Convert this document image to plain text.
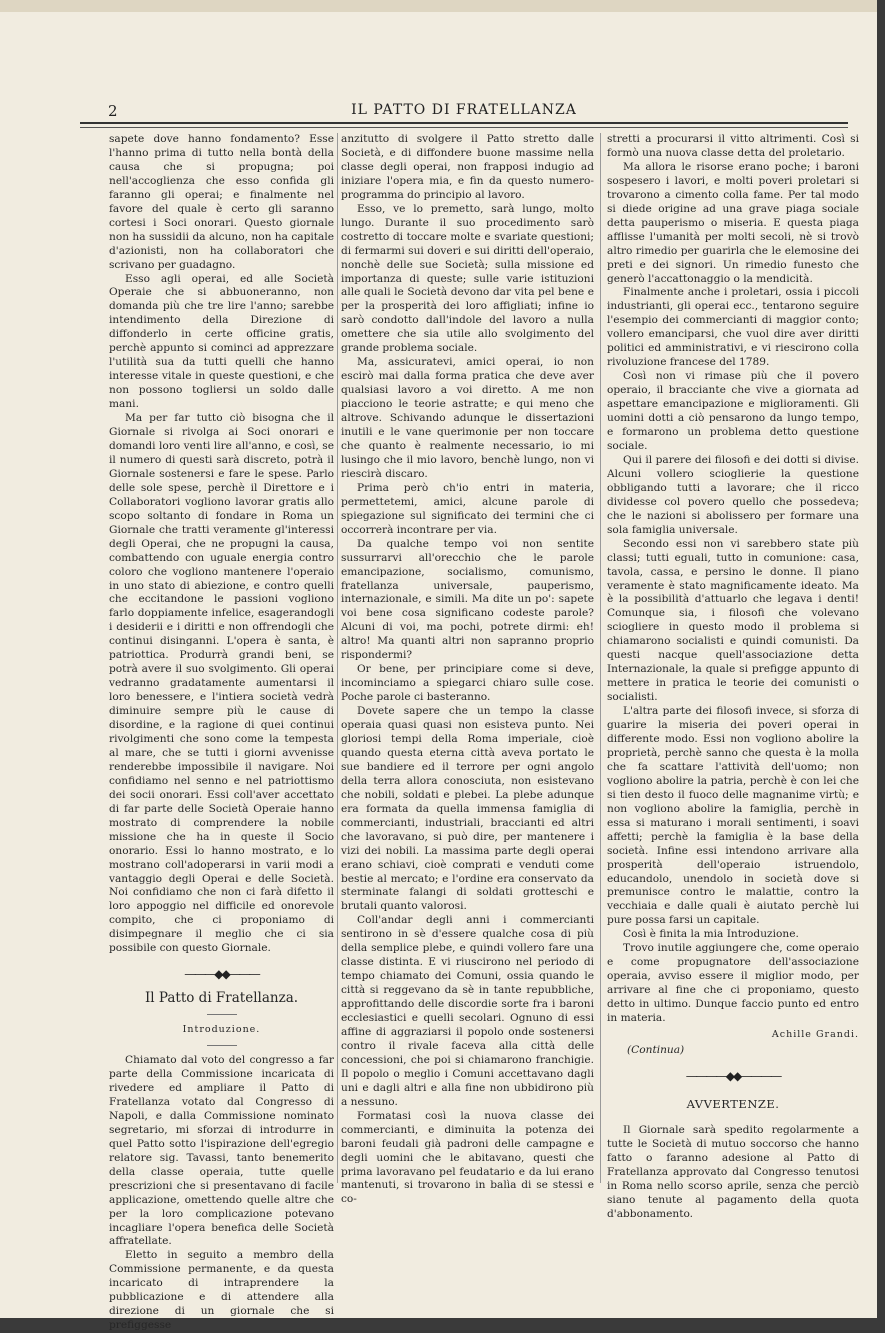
2	IL PATTO DI FRATELLANZA

sapete dove hanno fondamento? Esse l'hanno prima di tutto nella bontà della causa che si propugna; poi nell'accoglienza che esso confida gli faranno gli operai; e finalmente nel favore del quale è certo gli saranno cortesi i Soci onorari. Questo giornale non ha sussidii da alcuno, non ha capitale d'azionisti, non ha collaboratori che scrivano per guadagno.

Esso agli operai, ed alle Società Operaie che si abbuoneranno, non domanda più che tre lire l'anno; sarebbe intendimento della Direzione di diffonderlo in certe officine gratis, perchè appunto si cominci ad apprezzare l'utilità sua da tutti quelli che hanno interesse vitale in queste questioni, e che non possono togliersi un soldo dalle mani.

Ma per far tutto ciò bisogna che il Giornale si rivolga ai Soci onorari e domandi loro venti lire all'anno, e così, se il numero di questi sarà discreto, potrà il Giornale sostenersi e fare le spese. Parlo delle sole spese, perchè il Direttore e i Collaboratori vogliono lavorar gratis allo scopo soltanto di fondare in Roma un Giornale che tratti veramente gl'interessi degli Operai, che ne propugni la causa, combattendo con uguale energia contro coloro che vogliono mantenere l'operaio in uno stato di abiezione, e contro quelli che eccitandone le passioni vogliono farlo doppiamente infelice, esagerandogli i desiderii e i diritti e non offrendogli che continui disinganni. L'opera è santa, è patriottica. Produrrà grandi beni, se potrà avere il suo svolgimento. Gli operai vedranno gradatamente aumentarsi il loro benessere, e l'intiera società vedrà diminuire sempre più le cause di disordine, e la ragione di quei continui rivolgimenti che sono come la tempesta al mare, che se tutti i giorni avvenisse renderebbe impossibile il navigare. Noi confidiamo nel senno e nel patriottismo dei socii onorari. Essi coll'aver accettato di far parte delle Società Operaie hanno mostrato di comprendere la nobile missione che ha in queste il Socio onorario. Essi lo hanno mostrato, e lo mostrano coll'adoperarsi in varii modi a vantaggio degli Operai e delle Società. Noi confidiamo che non ci farà difetto il loro appoggio nel difficile ed onorevole compito, che ci proponiamo di disimpegnare il meglio che ci sia possibile con questo Giornale.

———◆◆———
Il Patto di Fratellanza.
Introduzione.

Chiamato dal voto del congresso a far parte della Commissione incaricata di rivedere ed ampliare il Patto di Fratellanza votato dal Congresso di Napoli, e dalla Commissione nominato segretario, mi sforzai di introdurre in quel Patto sotto l'ispirazione dell'egregio relatore sig. Tavassi, tanto benemerito della classe operaia, tutte quelle prescrizioni che si presentavano di facile applicazione, omettendo quelle altre che per la loro complicazione potevano incagliare l'opera benefica delle Società affratellate.

Eletto in seguito a membro della Commissione permanente, e da questa incaricato di intraprendere la pubblicazione e di attendere alla direzione di un giornale che si prefiggesse

anzitutto di svolgere il Patto stretto dalle Società, e di diffondere buone massime nella classe degli operai, non frapposi indugio ad iniziare l'opera mia, e fin da questo numero-programma do principio al lavoro.

Esso, ve lo premetto, sarà lungo, molto lungo. Durante il suo procedimento sarò costretto di toccare molte e svariate questioni; di fermarmi sui doveri e sui diritti dell'operaio, nonchè delle sue Società; sulla missione ed importanza di queste; sulle varie istituzioni alle quali le Società devono dar vita pel bene e per la prosperità dei loro affigliati; infine io sarò condotto dall'indole del lavoro a nulla omettere che sia utile allo svolgimento del grande problema sociale.

Ma, assicuratevi, amici operai, io non escirò mai dalla forma pratica che deve aver qualsiasi lavoro a voi diretto. A me non piacciono le teorie astratte; e qui meno che altrove. Schivando adunque le dissertazioni inutili e le vane querimonie per non toccare che quanto è realmente necessario, io mi lusingo che il mio lavoro, benchè lungo, non vi riescirà discaro.

Prima però ch'io entri in materia, permettetemi, amici, alcune parole di spiegazione sul significato dei termini che ci occorrerà incontrare per via.

Da qualche tempo voi non sentite sussurrarvi all'orecchio che le parole emancipazione, socialismo, comunismo, fratellanza universale, pauperismo, internazionale, e simili. Ma dite un po': sapete voi bene cosa significano codeste parole? Alcuni di voi, ma pochi, potrete dirmi: eh! altro! Ma quanti altri non sapranno proprio rispondermi?

Or bene, per principiare come si deve, incominciamo a spiegarci chiaro sulle cose. Poche parole ci basteranno.

Dovete sapere che un tempo la classe operaia quasi quasi non esisteva punto. Nei gloriosi tempi della Roma imperiale, cioè quando questa eterna città aveva portato le sue bandiere ed il terrore per ogni angolo della terra allora conosciuta, non esistevano che nobili, soldati e plebei. La plebe adunque era formata da quella immensa famiglia di commercianti, industriali, braccianti ed altri che lavoravano, si può dire, per mantenere i vizi dei nobili. La massima parte degli operai erano schiavi, cioè comprati e venduti come bestie al mercato; e l'ordine era conservato da sterminate falangi di soldati grotteschi e brutali quanto valorosi.

Coll'andar degli anni i commercianti sentirono in sè d'essere qualche cosa di più della semplice plebe, e quindi vollero fare una classe distinta. E vi riuscirono nel periodo di tempo chiamato dei Comuni, ossia quando le città si reggevano da sè in tante repubbliche, approfittando delle discordie sorte fra i baroni ecclesiastici e quelli secolari. Ognuno di essi affine di aggraziarsi il popolo onde sostenersi contro il rivale faceva alla città delle concessioni, che poi si chiamarono franchigie. Il popolo o meglio i Comuni accettavano dagli uni e dagli altri e alla fine non ubbidirono più a nessuno.

Formatasi così la nuova classe dei commercianti, e diminuita la potenza dei baroni feudali già padroni delle campagne e degli uomini che le abitavano, questi che prima lavoravano pel feudatario e da lui erano mantenuti, si trovarono in balìa di se stessi e co-

stretti a procurarsi il vitto altrimenti. Così si formò una nuova classe detta del proletario.

Ma allora le risorse erano poche; i baroni sospesero i lavori, e molti poveri proletari si trovarono a cimento colla fame. Per tal modo si diede origine ad una grave piaga sociale detta pauperismo o miseria. E questa piaga afflisse l'umanità per molti secoli, nè si trovò altro rimedio per guarirla che le elemosine dei preti e dei signori. Un rimedio funesto che generò l'accattonaggio o la mendicità.

Finalmente anche i proletari, ossia i piccoli industrianti, gli operai ecc., tentarono seguire l'esempio dei commercianti di maggior conto; vollero emanciparsi, che vuol dire aver diritti politici ed amministrativi, e vi riescirono colla rivoluzione francese del 1789.

Così non vi rimase più che il povero operaio, il bracciante che vive a giornata ad aspettare emancipazione e miglioramenti. Gli uomini dotti a ciò pensarono da lungo tempo, e formarono un problema detto questione sociale.

Qui il parere dei filosofi e dei dotti si divise. Alcuni vollero scioglierie la questione obbligando tutti a lavorare; che il ricco dividesse col povero quello che possedeva; che le nazioni si abolissero per formare una sola famiglia universale.

Secondo essi non vi sarebbero state più classi; tutti eguali, tutto in comunione: casa, tavola, cassa, e persino le donne. Il piano veramente è stato magnificamente ideato. Ma è la possibilità d'attuarlo che legava i denti! Comunque sia, i filosofi che volevano sciogliere in questo modo il problema si chiamarono socialisti e quindi comunisti. Da questi nacque quell'associazione detta Internazionale, la quale si prefigge appunto di mettere in pratica le teorie dei comunisti o socialisti.

L'altra parte dei filosofi invece, si sforza di guarire la miseria dei poveri operai in differente modo. Essi non vogliono abolire la proprietà, perchè sanno che questa è la molla che fa scattare l'attività dell'uomo; non vogliono abolire la patria, perchè è con lei che si tien desto il fuoco delle magnanime virtù; e non vogliono abolire la famiglia, perchè in essa si maturano i morali sentimenti, i soavi affetti; perchè la famiglia è la base della società. Infine essi intendono arrivare alla prosperità dell'operaio istruendolo, educandolo, unendolo in società dove si premunisce contro le malattie, contro la vecchiaia e dalle quali è aiutato perchè lui pure possa farsi un capitale.

Così è finita la mia Introduzione.

Trovo inutile aggiungere che, come operaio e come propugnatore dell'associazione operaia, avviso essere il miglior modo, per arrivare al fine che ci proponiamo, questo detto in ultimo. Dunque faccio punto ed entro in materia.

Achille Grandi.
(Continua)
————◆◆————
AVVERTENZE.

Il Giornale sarà spedito regolarmente a tutte le Società di mutuo soccorso che hanno fatto o faranno adesione al Patto di Fratellanza approvato dal Congresso tenutosi in Roma nello scorso aprile, senza che perciò siano tenute al pagamento della quota d'abbonamento.
